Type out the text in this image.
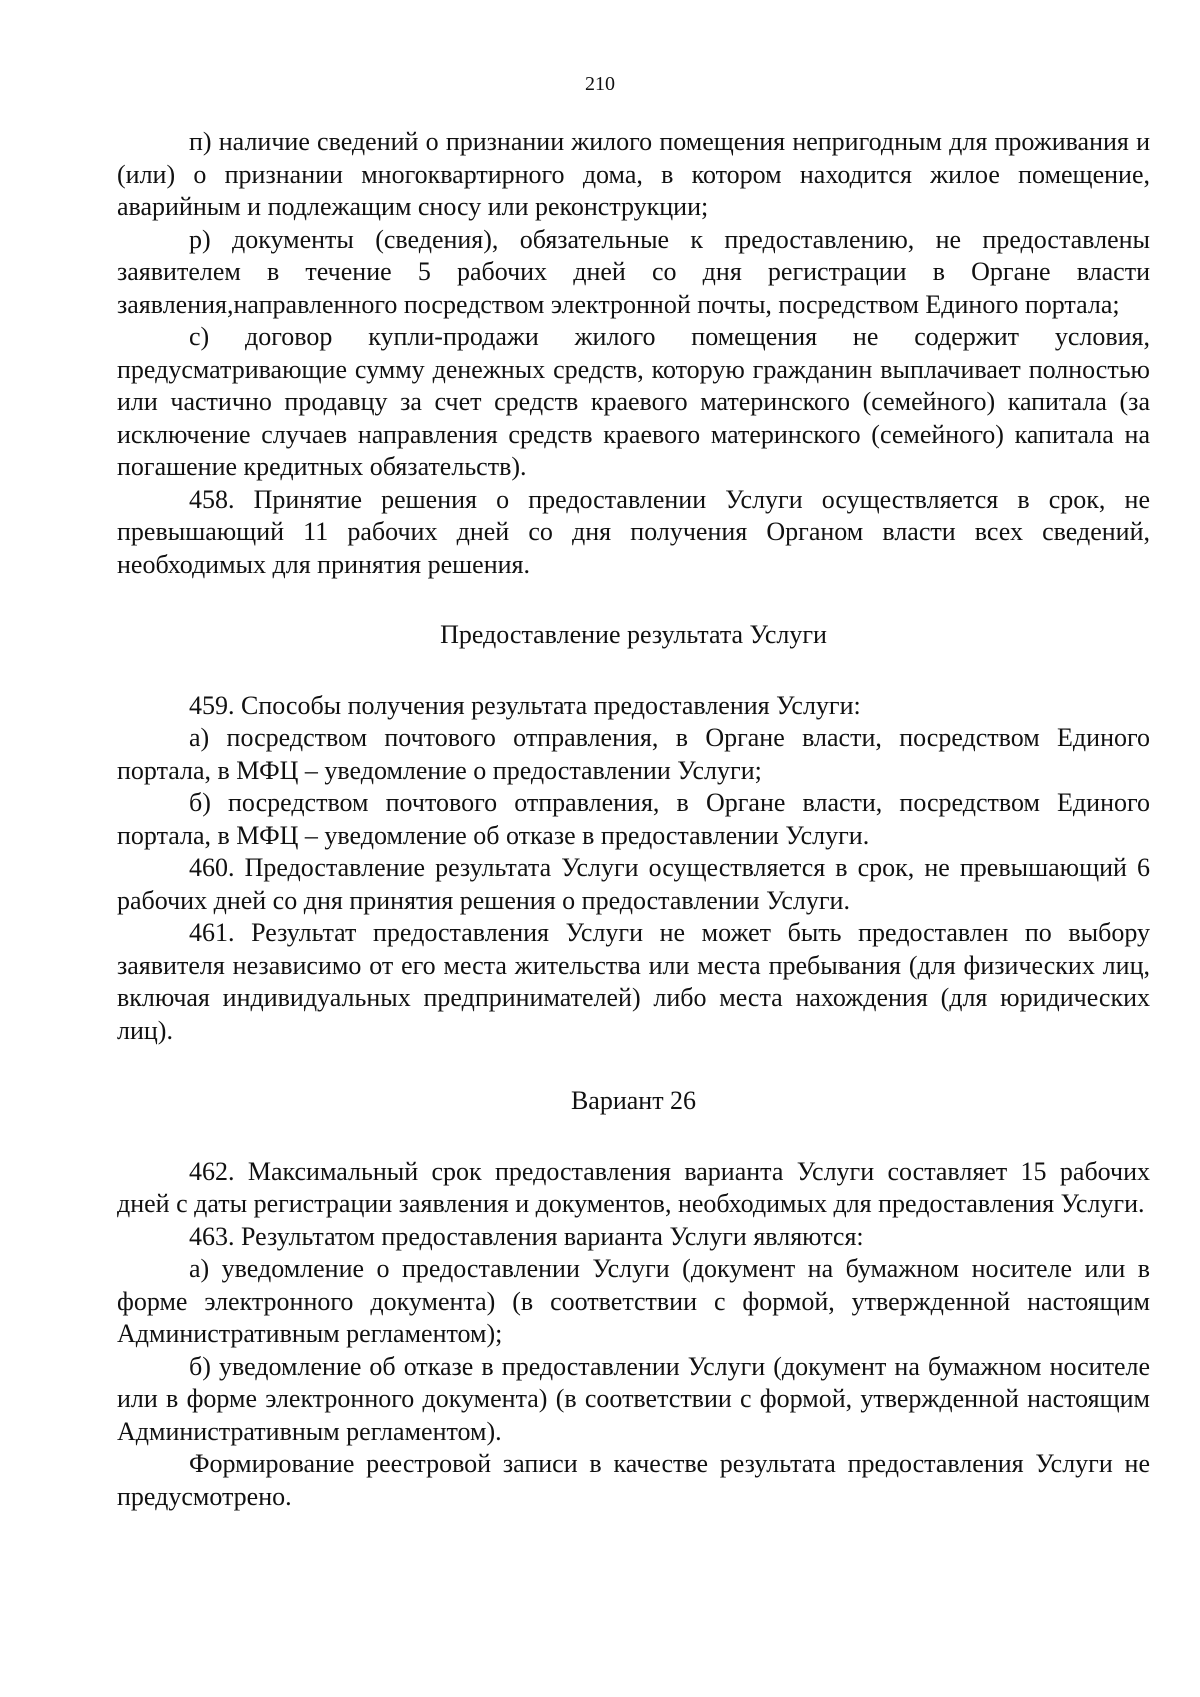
210

п) наличие сведений о признании жилого помещения непригодным для проживания и (или) о признании многоквартирного дома, в котором находится жилое помещение, аварийным и подлежащим сносу или реконструкции;

р) документы (сведения), обязательные к предоставлению, не предоставлены заявителем в течение 5 рабочих дней со дня регистрации в Органе власти заявления,направленного посредством электронной почты, посредством Единого портала;

с) договор купли-продажи жилого помещения не содержит условия, предусматривающие сумму денежных средств, которую гражданин выплачивает полностью или частично продавцу за счет средств краевого материнского (семейного) капитала (за исключение случаев направления средств краевого материнского (семейного) капитала на погашение кредитных обязательств).

458. Принятие решения о предоставлении Услуги осуществляется в срок, не превышающий 11 рабочих дней со дня получения Органом власти всех сведений, необходимых для принятия решения.

Предоставление результата Услуги

459. Способы получения результата предоставления Услуги:

а) посредством почтового отправления, в Органе власти, посредством Единого портала, в МФЦ – уведомление о предоставлении Услуги;

б) посредством почтового отправления, в Органе власти, посредством Единого портала, в МФЦ – уведомление об отказе в предоставлении Услуги.

460. Предоставление результата Услуги осуществляется в срок, не превышающий 6 рабочих дней со дня принятия решения о предоставлении Услуги.

461. Результат предоставления Услуги не может быть предоставлен по выбору заявителя независимо от его места жительства или места пребывания (для физических лиц, включая индивидуальных предпринимателей) либо места нахождения (для юридических лиц).

Вариант 26

462. Максимальный срок предоставления варианта Услуги составляет 15 рабочих дней с даты регистрации заявления и документов, необходимых для предоставления Услуги.

463. Результатом предоставления варианта Услуги являются:

а) уведомление о предоставлении Услуги (документ на бумажном носителе или в форме электронного документа) (в соответствии с формой, утвержденной настоящим Административным регламентом);

б) уведомление об отказе в предоставлении Услуги (документ на бумажном носителе или в форме электронного документа) (в соответствии с формой, утвержденной настоящим Административным регламентом).

Формирование реестровой записи в качестве результата предоставления Услуги не предусмотрено.
